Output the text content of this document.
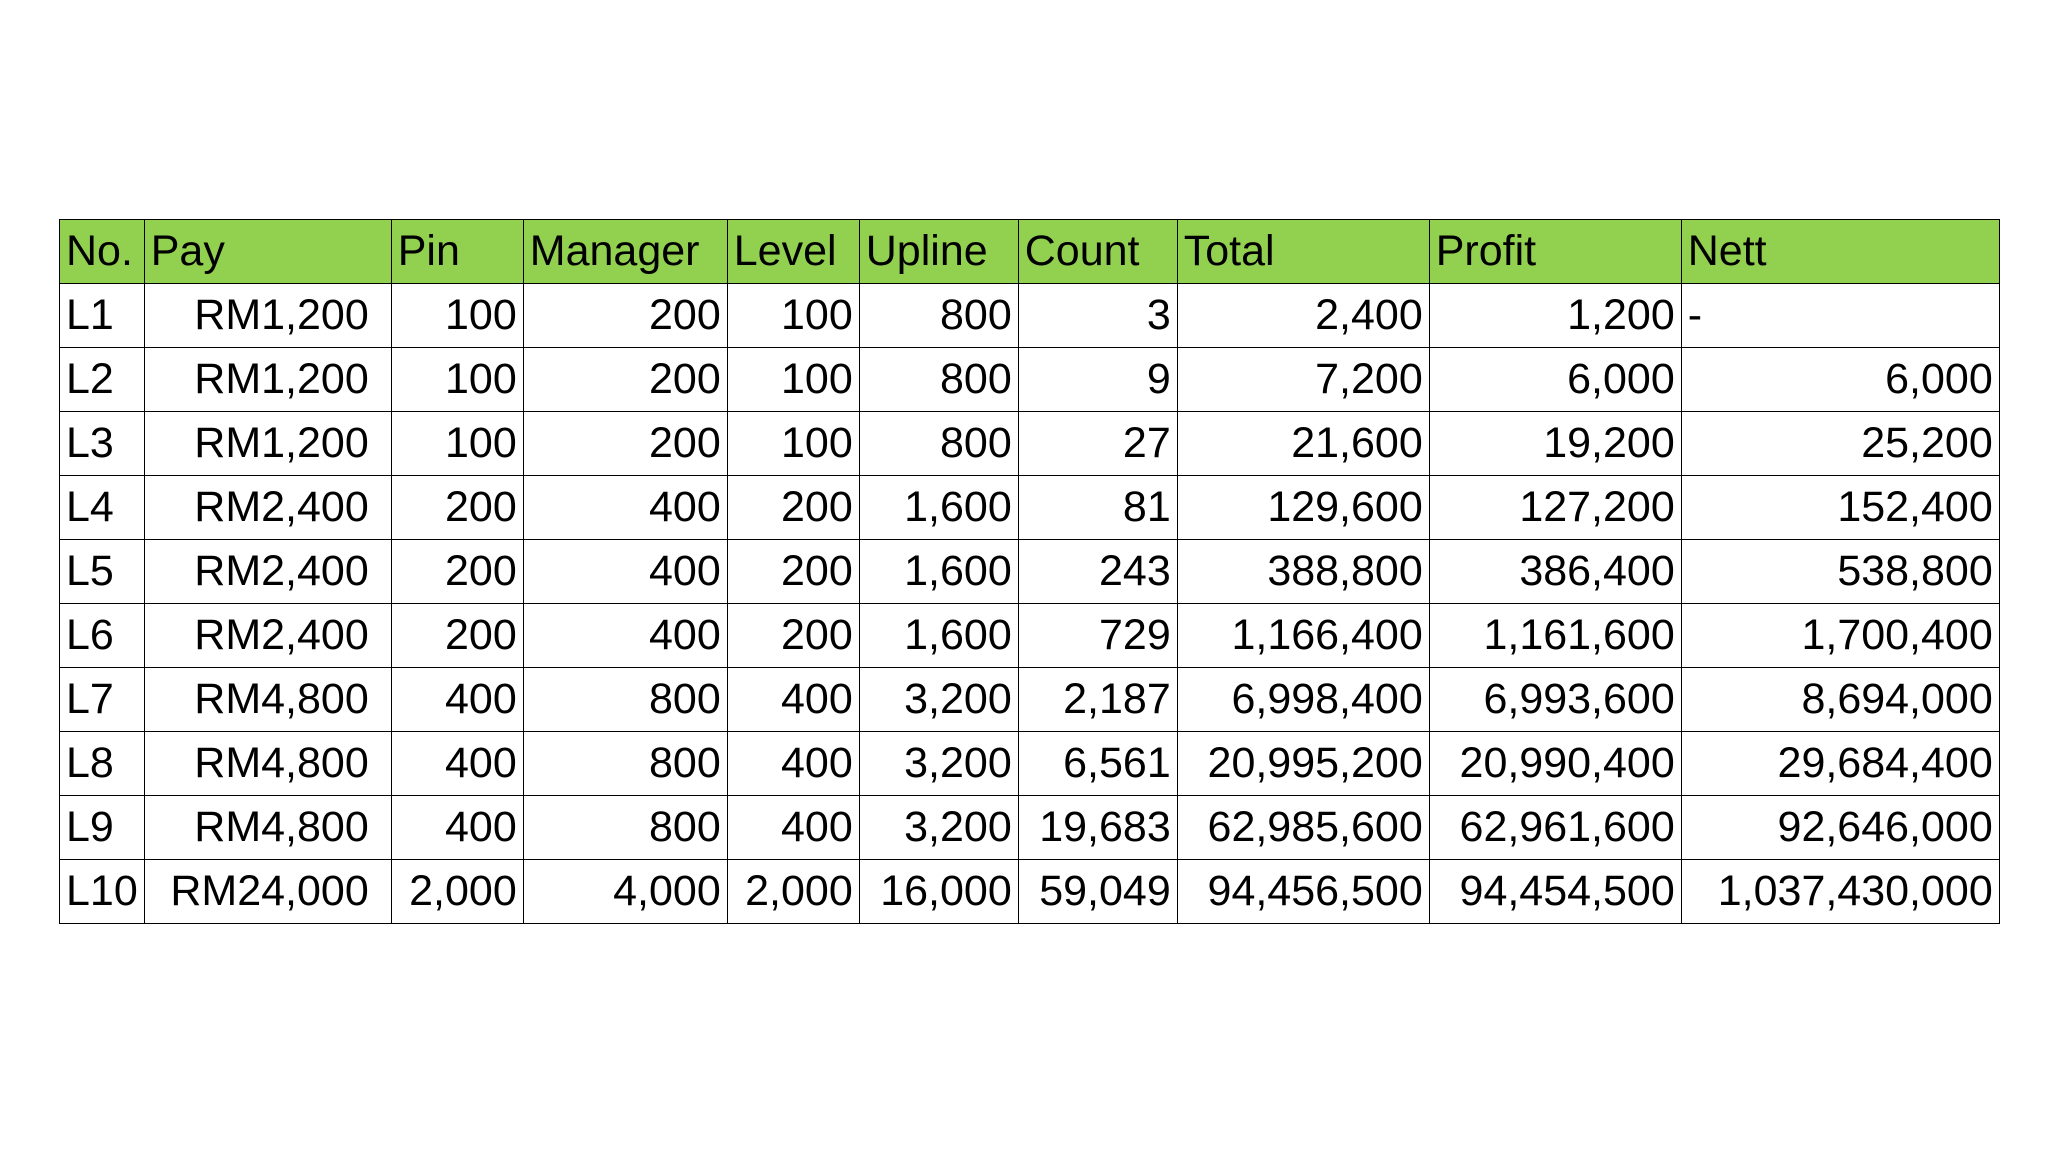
No.	Pay	Pin	Manager	Level	Upline	Count	Total	Profit	Nett
L1	RM1,200	100	200	100	800	3	2,400	1,200	-
L2	RM1,200	100	200	100	800	9	7,200	6,000	6,000
L3	RM1,200	100	200	100	800	27	21,600	19,200	25,200
L4	RM2,400	200	400	200	1,600	81	129,600	127,200	152,400
L5	RM2,400	200	400	200	1,600	243	388,800	386,400	538,800
L6	RM2,400	200	400	200	1,600	729	1,166,400	1,161,600	1,700,400
L7	RM4,800	400	800	400	3,200	2,187	6,998,400	6,993,600	8,694,000
L8	RM4,800	400	800	400	3,200	6,561	20,995,200	20,990,400	29,684,400
L9	RM4,800	400	800	400	3,200	19,683	62,985,600	62,961,600	92,646,000
L10	RM24,000	2,000	4,000	2,000	16,000	59,049	94,456,500	94,454,500	1,037,430,000
